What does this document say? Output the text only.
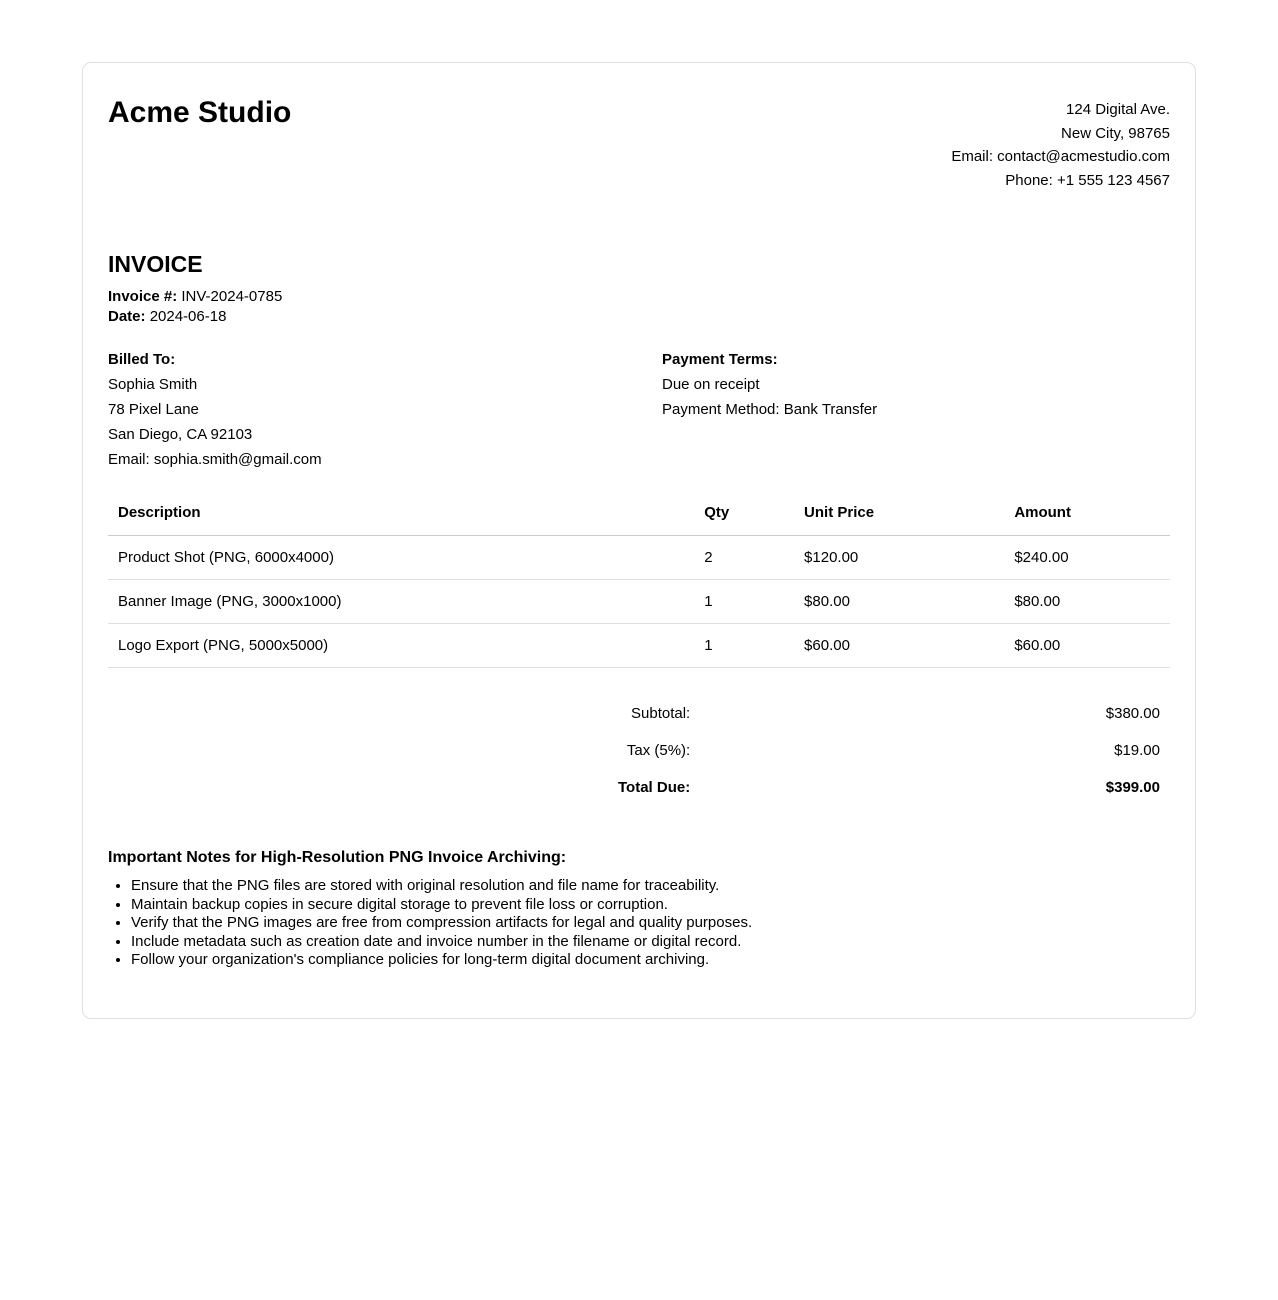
Acme Studio	124 Digital Ave.
New City, 98765
Email: contact@acmestudio.com
Phone: +1 555 123 4567
INVOICE

Invoice #: INV-2024-0785
Date: 2024-06-18

Billed To:

Sophia Smith
78 Pixel Lane
San Diego, CA 92103
Email: sophia.smith@gmail.com

Payment Terms:

Due on receipt
Payment Method: Bank Transfer
Description	Qty	Unit Price	Amount
Product Shot (PNG, 6000x4000)	2	$120.00	$240.00
Banner Image (PNG, 3000x1000)	1	$80.00	$80.00
Logo Export (PNG, 5000x5000)	1	$60.00	$60.00
Subtotal:	$380.00
Tax (5%):	$19.00
Total Due:	$399.00

Important Notes for High-Resolution PNG Invoice Archiving:

• Ensure that the PNG files are stored with original resolution and file name for traceability.
• Maintain backup copies in secure digital storage to prevent file loss or corruption.
• Verify that the PNG images are free from compression artifacts for legal and quality purposes.
• Include metadata such as creation date and invoice number in the filename or digital record.
• Follow your organization's compliance policies for long-term digital document archiving.
